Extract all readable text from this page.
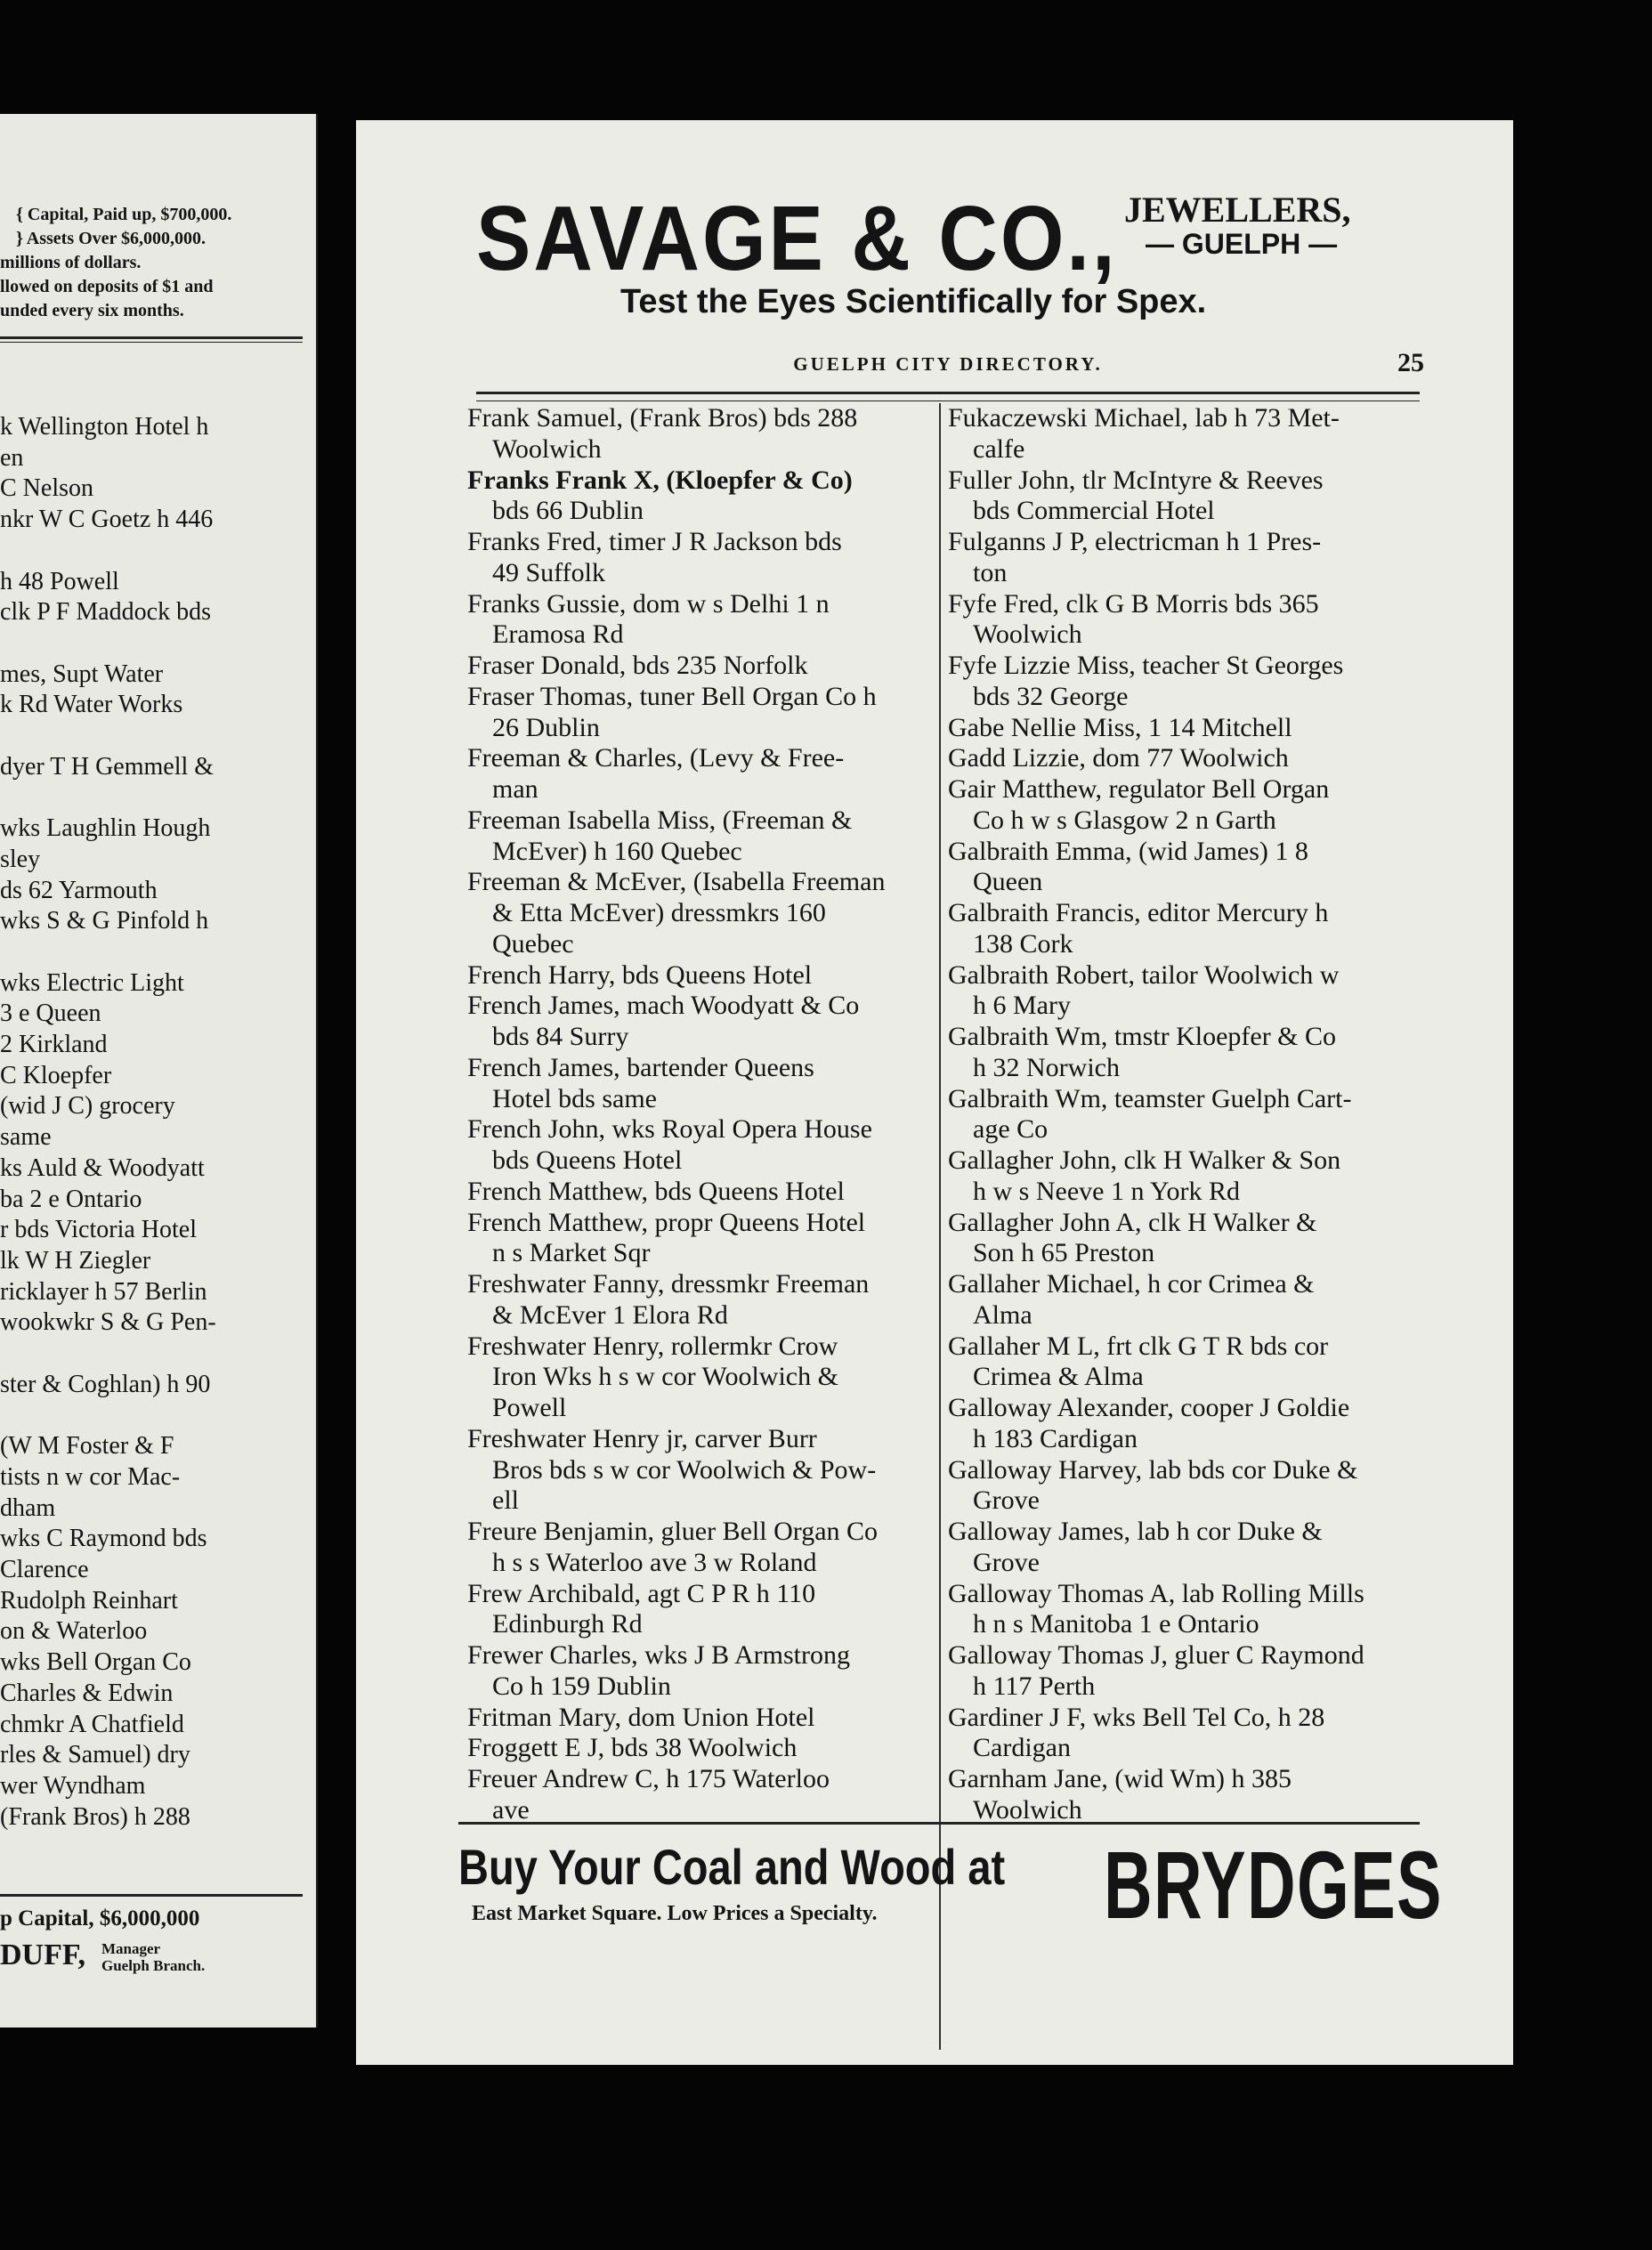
{ Capital, Paid up, $700,000.
} Assets Over $6,000,000.
millions of dollars.
llowed on deposits of $1 and
unded every six months.
k Wellington Hotel h
en
C Nelson
nkr W C Goetz h 446

h 48 Powell
clk P F Maddock bds

mes, Supt Water
k Rd Water Works

dyer T H Gemmell &

wks Laughlin Hough
sley
ds 62 Yarmouth
wks S & G Pinfold h

wks Electric Light
3 e Queen
2 Kirkland
C Kloepfer
(wid J C) grocery
same
ks Auld & Woodyatt
ba 2 e Ontario
r bds Victoria Hotel
lk W H Ziegler
ricklayer h 57 Berlin
wookwkr S & G Pen-

ster & Coghlan) h 90

(W M Foster & F
tists n w cor Mac-
dham
wks C Raymond bds
Clarence
Rudolph Reinhart
on & Waterloo
wks Bell Organ Co
Charles & Edwin
chmkr A Chatfield
rles & Samuel) dry
wer Wyndham
(Frank Bros) h 288
p Capital, $6,000,000
DUFF, Manager
Guelph Branch.
SAVAGE & CO., JEWELLERS,
— GUELPH —
Test the Eyes Scientifically for Spex.
GUELPH CITY DIRECTORY.	25
Frank Samuel, (Frank Bros) bds 288
Woolwich
Franks Frank X, (Kloepfer & Co)
bds 66 Dublin
Franks Fred, timer J R Jackson bds
49 Suffolk
Franks Gussie, dom w s Delhi 1 n
Eramosa Rd
Fraser Donald, bds 235 Norfolk
Fraser Thomas, tuner Bell Organ Co h
26 Dublin
Freeman & Charles, (Levy & Free-
man
Freeman Isabella Miss, (Freeman &
McEver) h 160 Quebec
Freeman & McEver, (Isabella Freeman
& Etta McEver) dressmkrs 160
Quebec
French Harry, bds Queens Hotel
French James, mach Woodyatt & Co
bds 84 Surry
French James, bartender Queens
Hotel bds same
French John, wks Royal Opera House
bds Queens Hotel
French Matthew, bds Queens Hotel
French Matthew, propr Queens Hotel
n s Market Sqr
Freshwater Fanny, dressmkr Freeman
& McEver 1 Elora Rd
Freshwater Henry, rollermkr Crow
Iron Wks h s w cor Woolwich &
Powell
Freshwater Henry jr, carver Burr
Bros bds s w cor Woolwich & Pow-
ell
Freure Benjamin, gluer Bell Organ Co
h s s Waterloo ave 3 w Roland
Frew Archibald, agt C P R h 110
Edinburgh Rd
Frewer Charles, wks J B Armstrong
Co h 159 Dublin
Fritman Mary, dom Union Hotel
Froggett E J, bds 38 Woolwich
Freuer Andrew C, h 175 Waterloo
ave
Fukaczewski Michael, lab h 73 Met-
calfe
Fuller John, tlr McIntyre & Reeves
bds Commercial Hotel
Fulganns J P, electricman h 1 Pres-
ton
Fyfe Fred, clk G B Morris bds 365
Woolwich
Fyfe Lizzie Miss, teacher St Georges
bds 32 George
Gabe Nellie Miss, 1 14 Mitchell
Gadd Lizzie, dom 77 Woolwich
Gair Matthew, regulator Bell Organ
Co h w s Glasgow 2 n Garth
Galbraith Emma, (wid James) 1 8
Queen
Galbraith Francis, editor Mercury h
138 Cork
Galbraith Robert, tailor Woolwich w
h 6 Mary
Galbraith Wm, tmstr Kloepfer & Co
h 32 Norwich
Galbraith Wm, teamster Guelph Cart-
age Co
Gallagher John, clk H Walker & Son
h w s Neeve 1 n York Rd
Gallagher John A, clk H Walker &
Son h 65 Preston
Gallaher Michael, h cor Crimea &
Alma
Gallaher M L, frt clk G T R bds cor
Crimea & Alma
Galloway Alexander, cooper J Goldie
h 183 Cardigan
Galloway Harvey, lab bds cor Duke &
Grove
Galloway James, lab h cor Duke &
Grove
Galloway Thomas A, lab Rolling Mills
h n s Manitoba 1 e Ontario
Galloway Thomas J, gluer C Raymond
h 117 Perth
Gardiner J F, wks Bell Tel Co, h 28
Cardigan
Garnham Jane, (wid Wm) h 385
Woolwich
Buy Your Coal and Wood at
East Market Square. Low Prices a Specialty. BRYDGES
